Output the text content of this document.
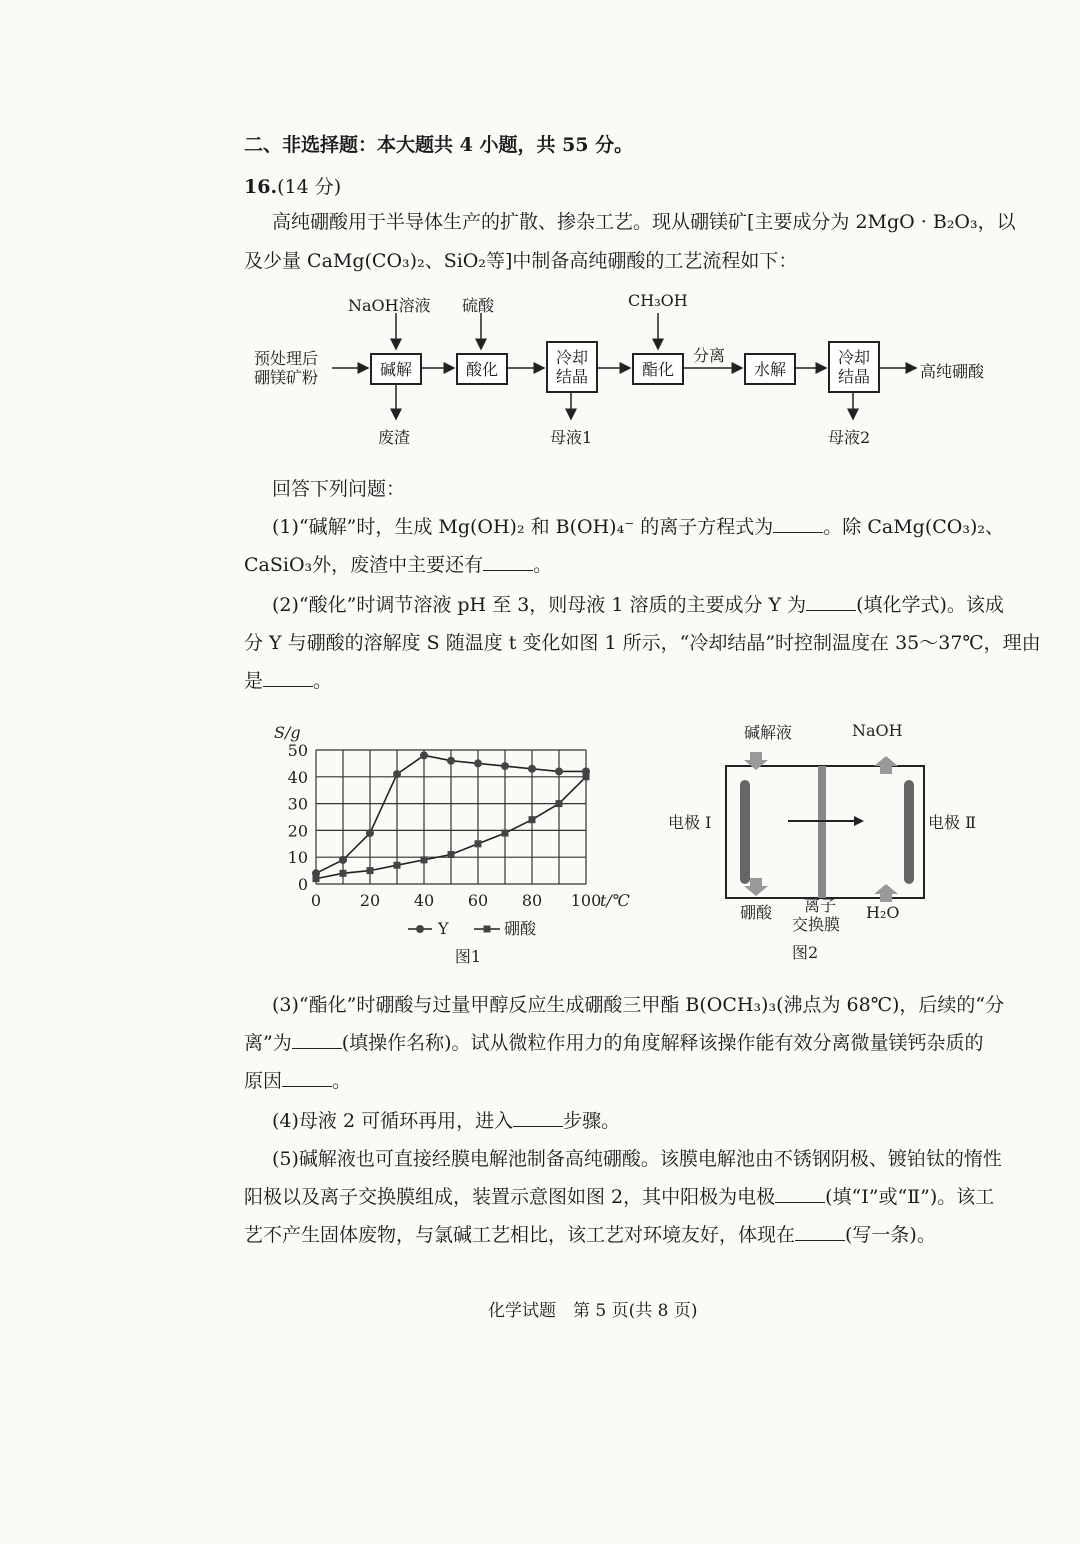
二、非选择题：本大题共 4 小题，共 55 分。
16.(14 分)
高纯硼酸用于半导体生产的扩散、掺杂工艺。现从硼镁矿[主要成分为 2MgO · B₂O₃，以
及少量 CaMg(CO₃)₂、SiO₂等]中制备高纯硼酸的工艺流程如下：
预处理后
硼镁矿粉	碱解
NaOH溶液
废渣
酸化
硫酸
冷却
结晶
母液1
酯化
CH₃OH
分离
水解
冷却
结晶
母液2
高纯硼酸
回答下列问题：
(1)“碱解”时，生成 Mg(OH)₂ 和 B(OH)₄⁻ 的离子方程式为	。除 CaMg(CO₃)₂、
CaSiO₃外，废渣中主要还有	。
(2)“酸化”时调节溶液 pH 至 3，则母液 1 溶质的主要成分 Y 为	(填化学式)。该成
分 Y 与硼酸的溶解度 S 随温度 t 变化如图 1 所示，“冷却结晶”时控制温度在 35～37℃，理由
是	。
0
10
20
30
40
50
0 20 40 60 80 100
t/℃
S/g
Y	硼酸
图1
碱解液	NaOH
电极 Ⅰ	电极 Ⅱ
硼酸 离子
交换膜
H₂O
图2
(3)“酯化”时硼酸与过量甲醇反应生成硼酸三甲酯 B(OCH₃)₃(沸点为 68℃)，后续的“分
离”为	(填操作名称)。试从微粒作用力的角度解释该操作能有效分离微量镁钙杂质的
原因	。
(4)母液 2 可循环再用，进入	步骤。
(5)碱解液也可直接经膜电解池制备高纯硼酸。该膜电解池由不锈钢阴极、镀铂钛的惰性
阳极以及离子交换膜组成，装置示意图如图 2，其中阳极为电极	(填“Ⅰ”或“Ⅱ”)。该工
艺不产生固体废物，与氯碱工艺相比，该工艺对环境友好，体现在	(写一条)。
化学试题　第 5 页(共 8 页)
